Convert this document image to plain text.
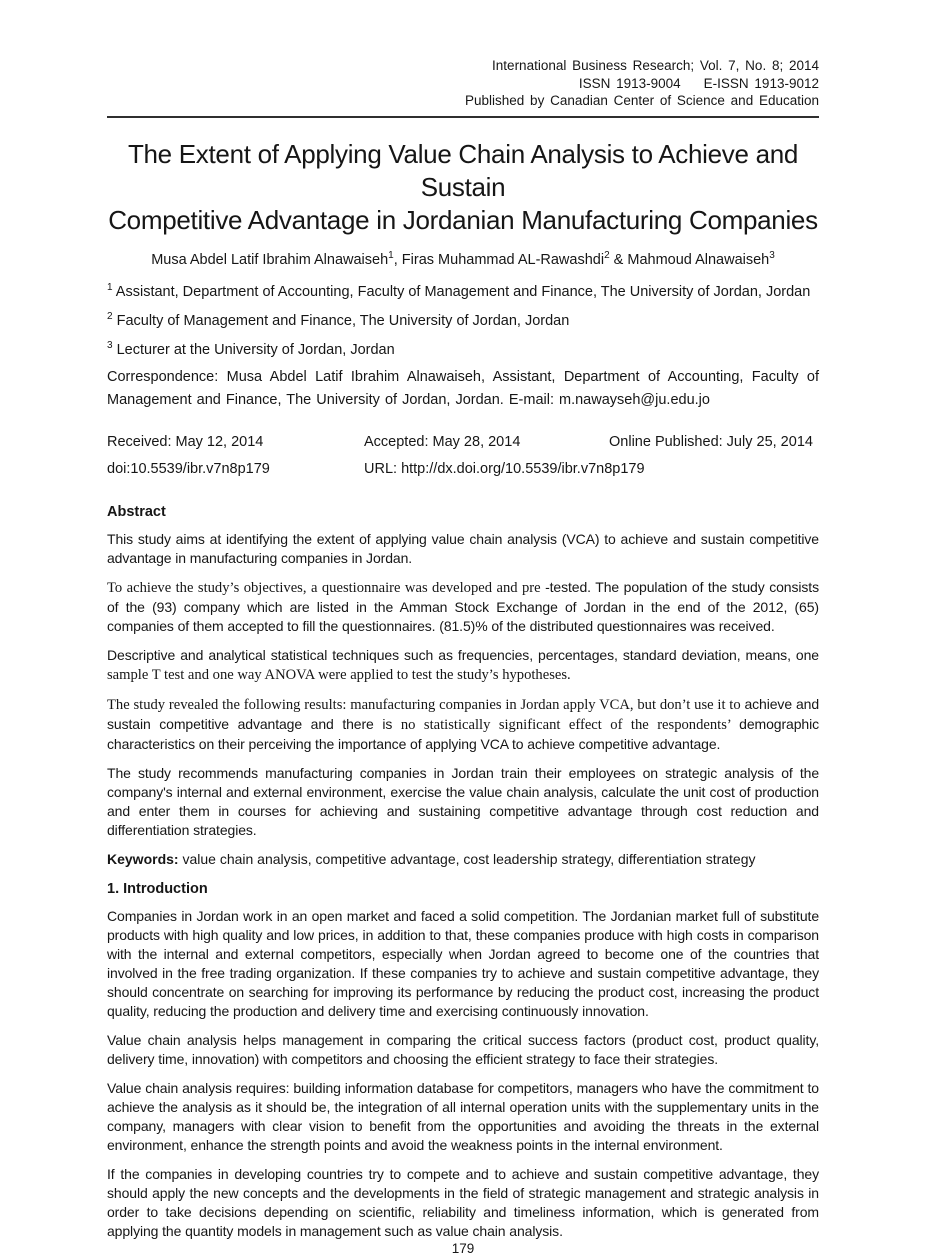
International Business Research; Vol. 7, No. 8; 2014
ISSN 1913-9004    E-ISSN 1913-9012
Published by Canadian Center of Science and Education
The Extent of Applying Value Chain Analysis to Achieve and Sustain
Competitive Advantage in Jordanian Manufacturing Companies
Musa Abdel Latif Ibrahim Alnawaiseh$^1$, Firas Muhammad AL-Rawashdi$^2$ & Mahmoud Alnawaiseh$^3$

$^1$ Assistant, Department of Accounting, Faculty of Management and Finance, The University of Jordan, Jordan

$^2$ Faculty of Management and Finance, The University of Jordan, Jordan

$^3$ Lecturer at the University of Jordan, Jordan

Correspondence: Musa Abdel Latif Ibrahim Alnawaiseh, Assistant, Department of Accounting, Faculty of Management and Finance, The University of Jordan, Jordan. E-mail: m.nawayseh@ju.edu.jo

Received: May 12, 2014	Accepted: May 28, 2014	Online Published: July 25, 2014
doi:10.5539/ibr.v7n8p179	URL: http://dx.doi.org/10.5539/ibr.v7n8p179
Abstract

This study aims at identifying the extent of applying value chain analysis (VCA) to achieve and sustain competitive advantage in manufacturing companies in Jordan.

To achieve the study’s objectives, a questionnaire was developed and pre -tested. The population of the study consists of the (93) company which are listed in the Amman Stock Exchange of Jordan in the end of the 2012, (65) companies of them accepted to fill the questionnaires. (81.5)% of the distributed questionnaires was received.

Descriptive and analytical statistical techniques such as frequencies, percentages, standard deviation, means, one sample T test and one way ANOVA were applied to test the study’s hypotheses.

The study revealed the following results: manufacturing companies in Jordan apply VCA, but don’t use it to achieve and sustain competitive advantage and there is no statistically significant effect of the respondents’ demographic characteristics on their perceiving the importance of applying VCA to achieve competitive advantage.

The study recommends manufacturing companies in Jordan train their employees on strategic analysis of the company's internal and external environment, exercise the value chain analysis, calculate the unit cost of production and enter them in courses for achieving and sustaining competitive advantage through cost reduction and differentiation strategies.

Keywords: value chain analysis, competitive advantage, cost leadership strategy, differentiation strategy

1. Introduction

Companies in Jordan work in an open market and faced a solid competition. The Jordanian market full of substitute products with high quality and low prices, in addition to that, these companies produce with high costs in comparison with the internal and external competitors, especially when Jordan agreed to become one of the countries that involved in the free trading organization. If these companies try to achieve and sustain competitive advantage, they should concentrate on searching for improving its performance by reducing the product cost, increasing the product quality, reducing the production and delivery time and exercising continuously innovation.

Value chain analysis helps management in comparing the critical success factors (product cost, product quality, delivery time, innovation) with competitors and choosing the efficient strategy to face their strategies.

Value chain analysis requires: building information database for competitors, managers who have the commitment to achieve the analysis as it should be, the integration of all internal operation units with the supplementary units in the company, managers with clear vision to benefit from the opportunities and avoiding the threats in the external environment, enhance the strength points and avoid the weakness points in the internal environment.

If the companies in developing countries try to compete and to achieve and sustain competitive advantage, they should apply the new concepts and the developments in the field of strategic management and strategic analysis in order to take decisions depending on scientific, reliability and timeliness information, which is generated from applying the quantity models in management such as value chain analysis.

179
